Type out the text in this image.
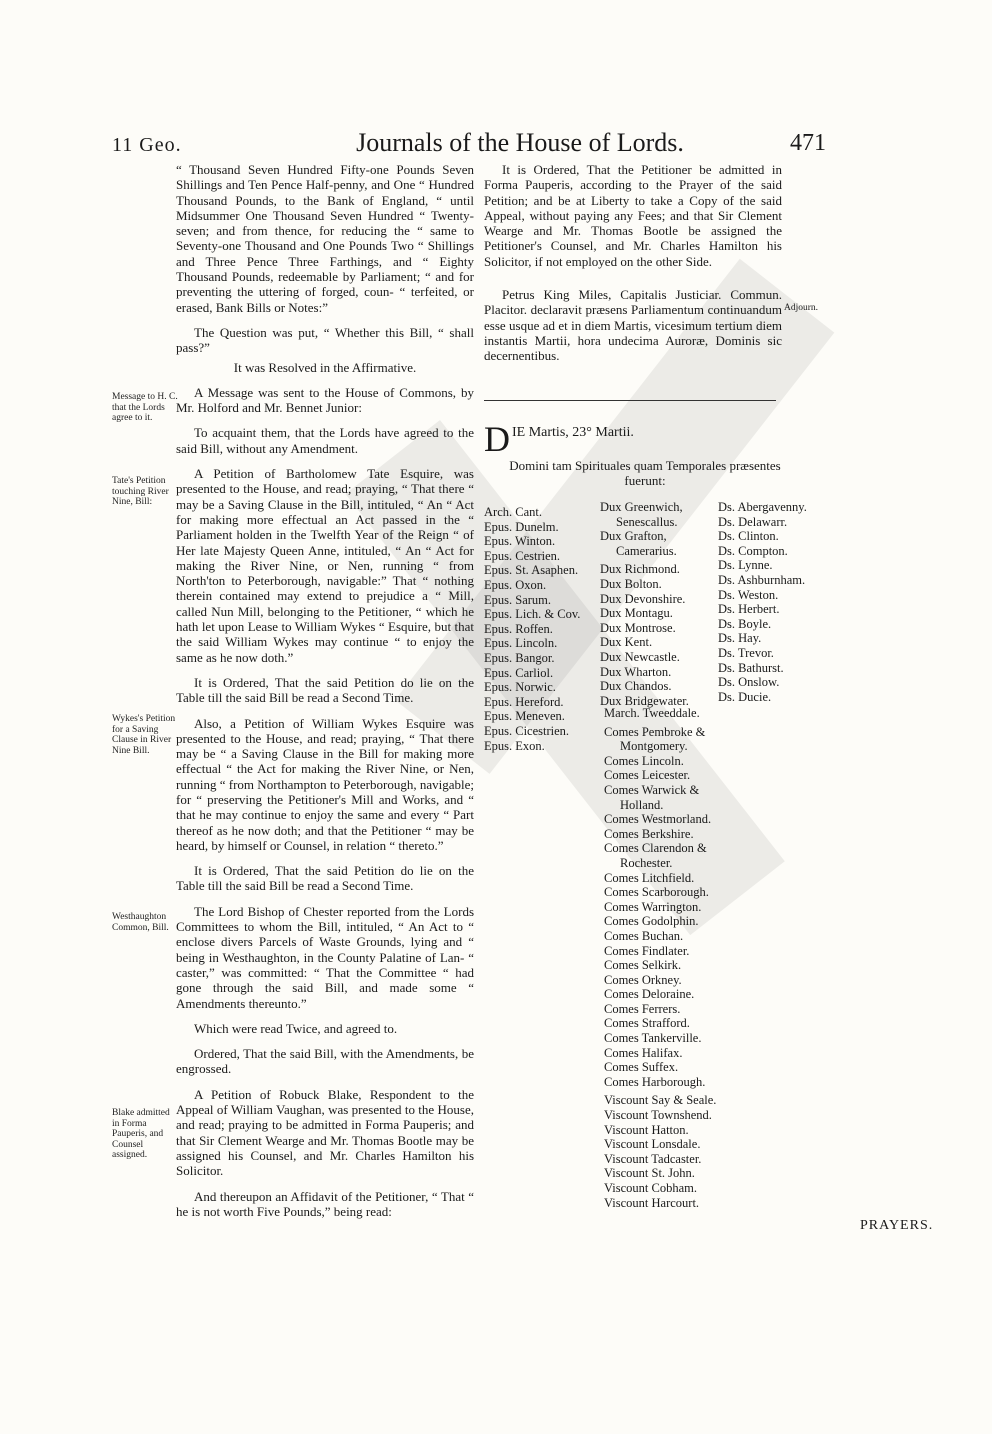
11 Geo.	Journals of the House of Lords.	471
Message to H. C. that the Lords agree to it.
Tate's Petition touching River Nine, Bill:
Wykes's Petition for a Saving Clause in River Nine Bill.
Westhaughton Common, Bill.
Blake admitted in Forma Pauperis, and Counsel assigned.
Adjourn.

“ Thousand Seven Hundred Fifty-one Pounds Seven Shillings and Ten Pence Half-penny, and One “ Hundred Thousand Pounds, to the Bank of England, “ until Midsummer One Thousand Seven Hundred “ Twenty-seven; and from thence, for reducing the “ same to Seventy-one Thousand and One Pounds Two “ Shillings and Three Pence Three Farthings, and “ Eighty Thousand Pounds, redeemable by Parliament; “ and for preventing the uttering of forged, coun- “ terfeited, or erased, Bank Bills or Notes:”

The Question was put, “ Whether this Bill, “ shall pass?”

It was Resolved in the Affirmative.

A Message was sent to the House of Commons, by Mr. Holford and Mr. Bennet Junior:

To acquaint them, that the Lords have agreed to the said Bill, without any Amendment.

A Petition of Bartholomew Tate Esquire, was presented to the House, and read; praying, “ That there “ may be a Saving Clause in the Bill, intituled, “ An “ Act for making more effectual an Act passed in the “ Parliament holden in the Twelfth Year of the Reign “ of Her late Majesty Queen Anne, intituled, “ An “ Act for making the River Nine, or Nen, running “ from North'ton to Peterborough, navigable:” That “ nothing therein contained may extend to prejudice a “ Mill, called Nun Mill, belonging to the Petitioner, “ which he hath let upon Lease to William Wykes “ Esquire, but that the said William Wykes may continue “ to enjoy the same as he now doth.”

It is Ordered, That the said Petition do lie on the Table till the said Bill be read a Second Time.

Also, a Petition of William Wykes Esquire was presented to the House, and read; praying, “ That there may be “ a Saving Clause in the Bill for making more effectual “ the Act for making the River Nine, or Nen, running “ from Northampton to Peterborough, navigable; for “ preserving the Petitioner's Mill and Works, and “ that he may continue to enjoy the same and every “ Part thereof as he now doth; and that the Petitioner “ may be heard, by himself or Counsel, in relation “ thereto.”

It is Ordered, That the said Petition do lie on the Table till the said Bill be read a Second Time.

The Lord Bishop of Chester reported from the Lords Committees to whom the Bill, intituled, “ An Act to “ enclose divers Parcels of Waste Grounds, lying and “ being in Westhaughton, in the County Palatine of Lan- “ caster,” was committed: “ That the Committee “ had gone through the said Bill, and made some “ Amendments thereunto.”

Which were read Twice, and agreed to.

Ordered, That the said Bill, with the Amendments, be engrossed.

A Petition of Robuck Blake, Respondent to the Appeal of William Vaughan, was presented to the House, and read; praying to be admitted in Forma Pauperis; and that Sir Clement Wearge and Mr. Thomas Bootle may be assigned his Counsel, and Mr. Charles Hamilton his Solicitor.

And thereupon an Affidavit of the Petitioner, “ That “ he is not worth Five Pounds,” being read:

It is Ordered, That the Petitioner be admitted in Forma Pauperis, according to the Prayer of the said Petition; and be at Liberty to take a Copy of the said Appeal, without paying any Fees; and that Sir Clement Wearge and Mr. Thomas Bootle be assigned the Petitioner's Counsel, and Mr. Charles Hamilton his Solicitor, if not employed on the other Side.

Petrus King Miles, Capitalis Justiciar. Commun. Placitor. declaravit præsens Parliamentum continuandum esse usque ad et in diem Martis, vicesimum tertium diem instantis Martii, hora undecima Auroræ, Dominis sic decernentibus.

D IE Martis, 23° Martii.
Domini tam Spirituales quam Temporales præsentes fuerunt:
Arch. Cant.
Epus. Dunelm.
Epus. Winton.
Epus. Cestrien.
Epus. St. Asaphen.
Epus. Oxon.
Epus. Sarum.
Epus. Lich. & Cov.
Epus. Roffen.
Epus. Lincoln.
Epus. Bangor.
Epus. Carliol.
Epus. Norwic.
Epus. Hereford.
Epus. Meneven.
Epus. Cicestrien.
Epus. Exon.
Dux Greenwich,
Senescallus.
Dux Grafton,
Camerarius.

Dux Richmond.
Dux Bolton.
Dux Devonshire.
Dux Montagu.
Dux Montrose.
Dux Kent.
Dux Newcastle.
Dux Wharton.
Dux Chandos.
Dux Bridgewater.
March. Tweeddale.

Comes Pembroke &
Montgomery.
Comes Lincoln.
Comes Leicester.
Comes Warwick &
Holland.
Comes Westmorland.
Comes Berkshire.
Comes Clarendon &
Rochester.
Comes Litchfield.
Comes Scarborough.
Comes Warrington.
Comes Godolphin.
Comes Buchan.
Comes Findlater.
Comes Selkirk.
Comes Orkney.
Comes Deloraine.
Comes Ferrers.
Comes Strafford.
Comes Tankerville.
Comes Halifax.
Comes Suffex.
Comes Harborough.

Viscount Say & Seale.
Viscount Townshend.
Viscount Hatton.
Viscount Lonsdale.
Viscount Tadcaster.
Viscount St. John.
Viscount Cobham.
Viscount Harcourt.
Ds. Abergavenny.
Ds. Delawarr.
Ds. Clinton.
Ds. Compton.
Ds. Lynne.
Ds. Ashburnham.
Ds. Weston.
Ds. Herbert.
Ds. Boyle.
Ds. Hay.
Ds. Trevor.
Ds. Bathurst.
Ds. Onslow.
Ds. Ducie.
PRAYERS.
